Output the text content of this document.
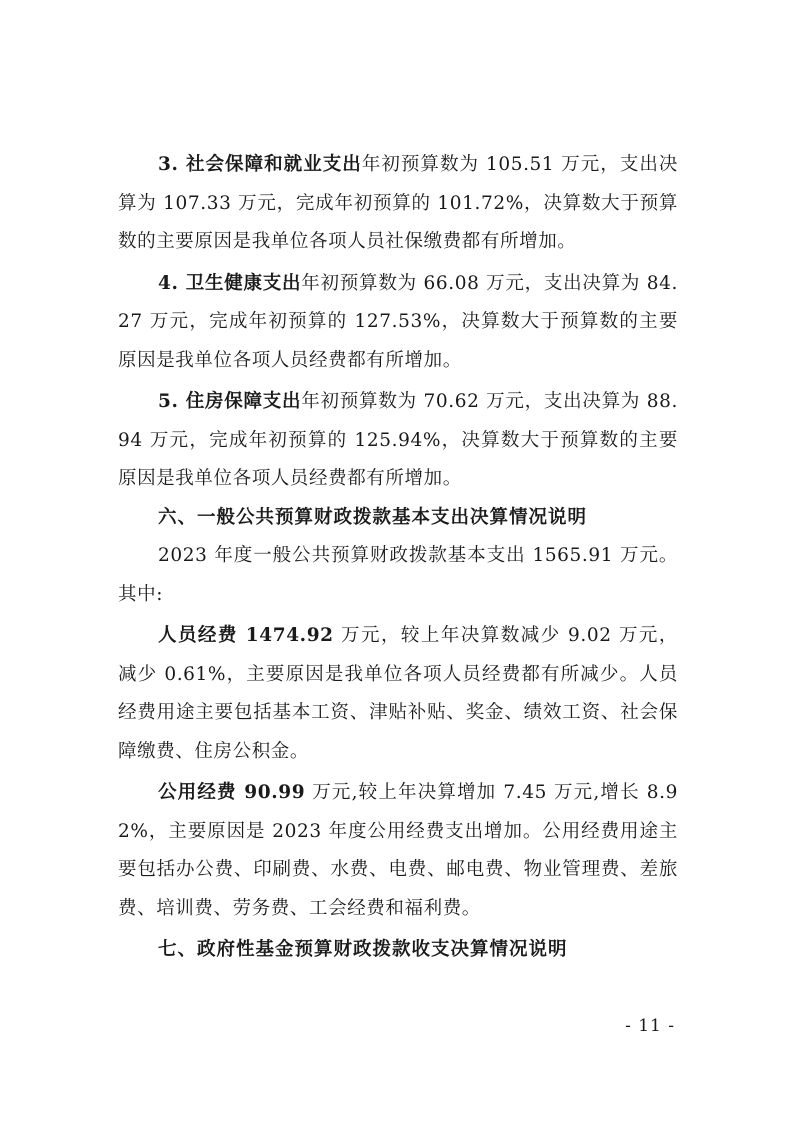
3. 社会保障和就业支出年初预算数为 105.51 万元，支出决算为 107.33 万元，完成年初预算的 101.72%，决算数大于预算数的主要原因是我单位各项人员社保缴费都有所增加。

4. 卫生健康支出年初预算数为 66.08 万元，支出决算为 84.27 万元，完成年初预算的 127.53%，决算数大于预算数的主要原因是我单位各项人员经费都有所增加。

5. 住房保障支出年初预算数为 70.62 万元，支出决算为 88.94 万元，完成年初预算的 125.94%，决算数大于预算数的主要原因是我单位各项人员经费都有所增加。

六、一般公共预算财政拨款基本支出决算情况说明

2023 年度一般公共预算财政拨款基本支出 1565.91 万元。其中:

人员经费 1474.92 万元，较上年决算数减少 9.02 万元，减少 0.61%，主要原因是我单位各项人员经费都有所减少。人员经费用途主要包括基本工资、津贴补贴、奖金、绩效工资、社会保障缴费、住房公积金。

公用经费 90.99 万元,较上年决算增加 7.45 万元,增长 8.92%，主要原因是 2023 年度公用经费支出增加。公用经费用途主要包括办公费、印刷费、水费、电费、邮电费、物业管理费、差旅费、培训费、劳务费、工会经费和福利费。

七、政府性基金预算财政拨款收支决算情况说明

- 11 -
